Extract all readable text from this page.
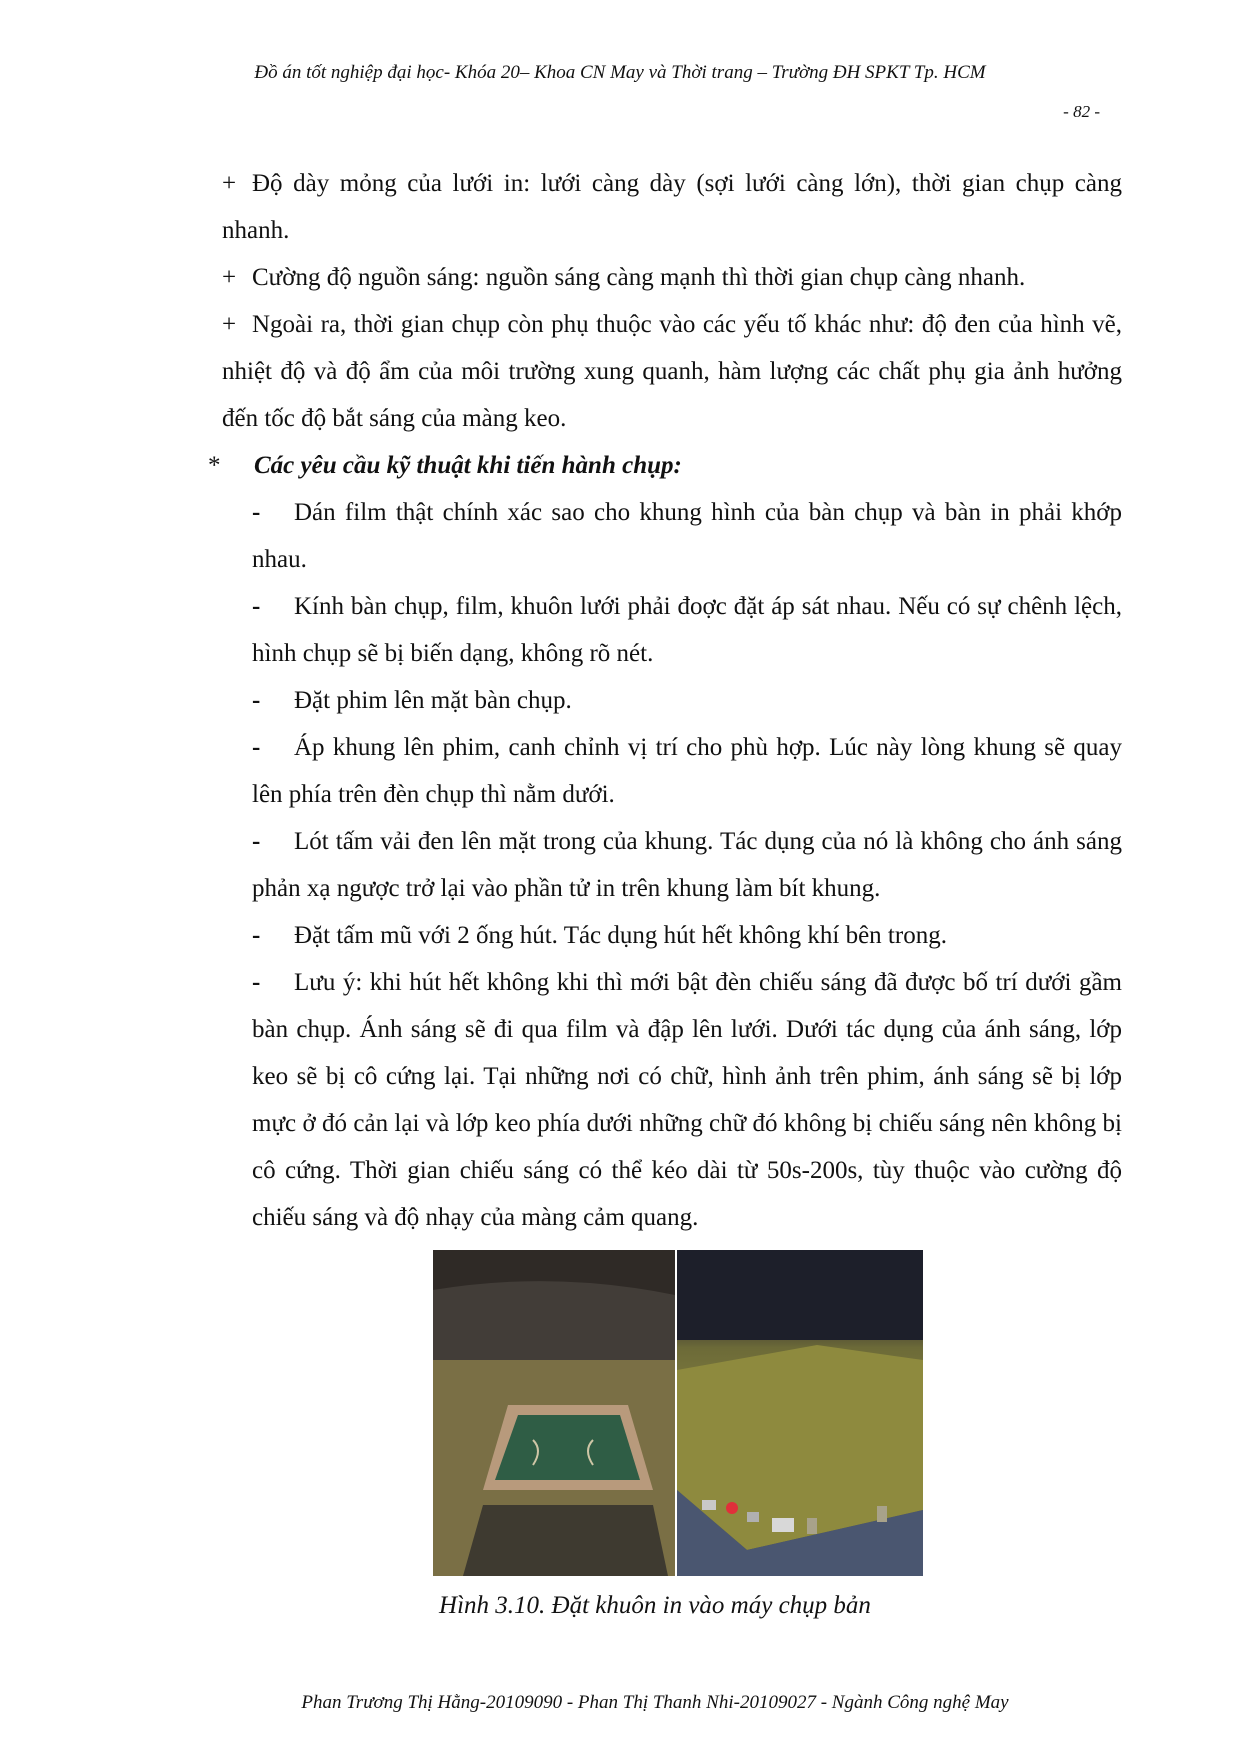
Đồ án tốt nghiệp đại học- Khóa 20– Khoa CN May và Thời trang – Trường ĐH SPKT Tp. HCM
- 82 -

+ Độ dày mỏng của lưới in: lưới càng dày (sợi lưới càng lớn), thời gian chụp càng nhanh.

+ Cường độ nguồn sáng: nguồn sáng càng mạnh thì thời gian chụp càng nhanh.

+ Ngoài ra, thời gian chụp còn phụ thuộc vào các yếu tố khác như: độ đen của hình vẽ, nhiệt độ và độ ẩm của môi trường xung quanh, hàm lượng các chất phụ gia ảnh hưởng đến tốc độ bắt sáng của màng keo.

* Các yêu cầu kỹ thuật khi tiến hành chụp:

- Dán film thật chính xác sao cho khung hình của bàn chụp và bàn in phải khớp nhau.

- Kính bàn chụp, film, khuôn lưới phải đoợc đặt áp sát nhau. Nếu có sự chênh lệch, hình chụp sẽ bị biến dạng, không rõ nét.

- Đặt phim lên mặt bàn chụp.

- Áp khung lên phim, canh chỉnh vị trí cho phù hợp. Lúc này lòng khung sẽ quay lên phía trên đèn chụp thì nằm dưới.

- Lót tấm vải đen lên mặt trong của khung. Tác dụng của nó là không cho ánh sáng phản xạ ngược trở lại vào phần tử in trên khung làm bít khung.

- Đặt tấm mũ với 2 ống hút. Tác dụng hút hết không khí bên trong.

- Lưu ý: khi hút hết không khi thì mới bật đèn chiếu sáng đã được bố trí dưới gầm bàn chụp. Ánh sáng sẽ đi qua film và đập lên lưới. Dưới tác dụng của ánh sáng, lớp keo sẽ bị cô cứng lại. Tại những nơi có chữ, hình ảnh trên phim, ánh sáng sẽ bị lớp mực ở đó cản lại và lớp keo phía dưới những chữ đó không bị chiếu sáng nên không bị cô cứng. Thời gian chiếu sáng có thể kéo dài từ 50s-200s, tùy thuộc vào cường độ chiếu sáng và độ nhạy của màng cảm quang.

Hình 3.10. Đặt khuôn in vào máy chụp bản
Phan Trương Thị Hằng-20109090 - Phan Thị Thanh Nhi-20109027 - Ngành Công nghệ May
